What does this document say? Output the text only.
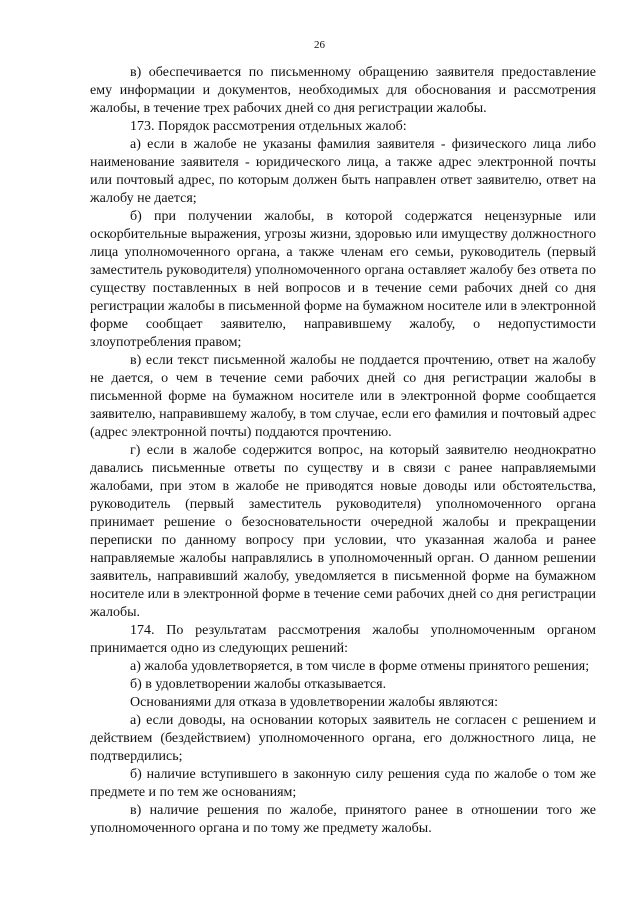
26

в) обеспечивается по письменному обращению заявителя предоставление ему информации и документов, необходимых для обоснования и рассмотрения жалобы, в течение трех рабочих дней со дня регистрации жалобы.

173. Порядок рассмотрения отдельных жалоб:

а) если в жалобе не указаны фамилия заявителя - физического лица либо наименование заявителя - юридического лица, а также адрес электронной почты или почтовый адрес, по которым должен быть направлен ответ заявителю, ответ на жалобу не дается;

б) при получении жалобы, в которой содержатся нецензурные или оскорбительные выражения, угрозы жизни, здоровью или имуществу должностного лица уполномоченного органа, а также членам его семьи, руководитель (первый заместитель руководителя) уполномоченного органа оставляет жалобу без ответа по существу поставленных в ней вопросов и в течение семи рабочих дней со дня регистрации жалобы в письменной форме на бумажном носителе или в электронной форме сообщает заявителю, направившему жалобу, о недопустимости злоупотребления правом;

в) если текст письменной жалобы не поддается прочтению, ответ на жалобу не дается, о чем в течение семи рабочих дней со дня регистрации жалобы в письменной форме на бумажном носителе или в электронной форме сообщается заявителю, направившему жалобу, в том случае, если его фамилия и почтовый адрес (адрес электронной почты) поддаются прочтению.

г) если в жалобе содержится вопрос, на который заявителю неоднократно давались письменные ответы по существу и в связи с ранее направляемыми жалобами, при этом в жалобе не приводятся новые доводы или обстоятельства, руководитель (первый заместитель руководителя) уполномоченного органа принимает решение о безосновательности очередной жалобы и прекращении переписки по данному вопросу при условии, что указанная жалоба и ранее направляемые жалобы направлялись в уполномоченный орган. О данном решении заявитель, направивший жалобу, уведомляется в письменной форме на бумажном носителе или в электронной форме в течение семи рабочих дней со дня регистрации жалобы.

174. По результатам рассмотрения жалобы уполномоченным органом принимается одно из следующих решений:

а) жалоба удовлетворяется, в том числе в форме отмены принятого решения;

б) в удовлетворении жалобы отказывается.

Основаниями для отказа в удовлетворении жалобы являются:

а) если доводы, на основании которых заявитель не согласен с решением и действием (бездействием) уполномоченного органа, его должностного лица, не подтвердились;

б) наличие вступившего в законную силу решения суда по жалобе о том же предмете и по тем же основаниям;

в) наличие решения по жалобе, принятого ранее в отношении того же уполномоченного органа и по тому же предмету жалобы.
